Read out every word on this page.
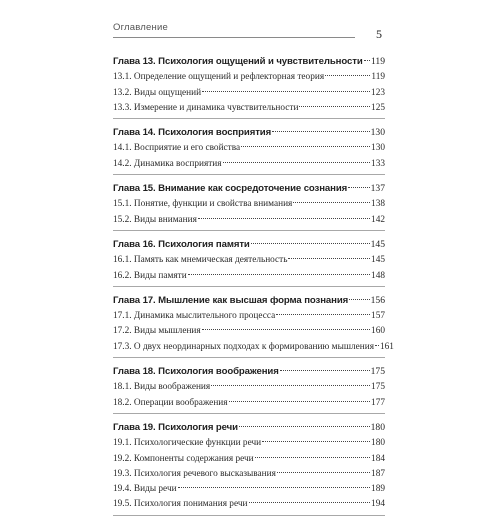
Оглавление	5
Глава 13. Психология ощущений и чувствительности 119
13.1. Определение ощущений и рефлекторная теория	119
13.2. Виды ощущений	123
13.3. Измерение и динамика чувствительности	125
Глава 14. Психология восприятия	130
14.1. Восприятие и его свойства	130
14.2. Динамика восприятия	133
Глава 15. Внимание как сосредоточение сознания 137
15.1. Понятие, функции и свойства внимания	138
15.2. Виды внимания	142
Глава 16. Психология памяти	145
16.1. Память как мнемическая деятельность	145
16.2. Виды памяти	148
Глава 17. Мышление как высшая форма познания 156
17.1. Динамика мыслительного процесса	157
17.2. Виды мышления	160
17.3. О двух неординарных подходах к формированию мышления 161
Глава 18. Психология воображения	175
18.1. Виды воображения	175
18.2. Операции воображения	177
Глава 19. Психология речи	180
19.1. Психологические функции речи	180
19.2. Компоненты содержания речи	184
19.3. Психология речевого высказывания	187
19.4. Виды речи	189
19.5. Психология понимания речи	194
